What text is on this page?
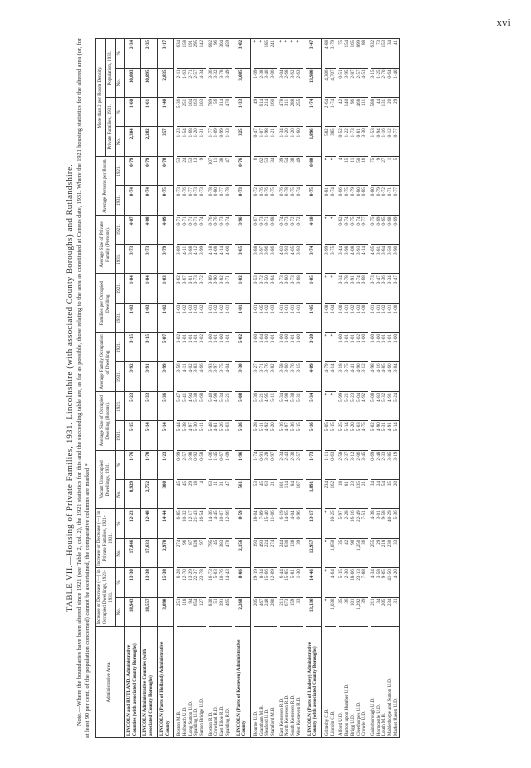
xvi
TABLE VII.—Housing of Private Families, 1931. Lincolnshire (with associated County Boroughs) and Rutlandshire. Note.—Where the boundaries have been altered since 1921 (see Table 2, col. 2), the 1921 statistics for this and the succeeding table are, as far as possible, those relating to the area as constituted at Census date, 1931. Where the 1921 housing statistics for the altered area (or, for at least 90 per cent. of the population concerned) cannot be ascertained, the comparative columns are marked *	Administrative Area.	Increase or Decrease (—) in Occupied Dwellings, 1921-1931.		Increase or Decrease (—) in Private Families, 1921-1931.		Vacant Unoccupied Dwellings, 1931.		Average Size of Occupied Dwelling (Rooms).		Average Family Occupation of Dwelling.		Families per Occupied Dwelling.		Average Size of Private Family (Persons).		Average Persons per Room.		More than 2 per Room Density.			
																	Private Families, 1931.		Population, 1931.	
	No.	%	No.	%	No.	%	1931.	1921.	1931.	1921.	1931.	1921.	1931.	1921.	1931.	1921.	No.	%	No.	%
LINCOLN and RUTLAND. Administrative Counties (with associated County Boroughs)	18,943	13·30	17,846	12·23	8,929	1·76	5·15	5·23	3·92	3·15	1·03	1·04	3·73	4·07	0·74	0·79	2,304	1·60	10,803	2·34
LINCOLN Administrative Counties (with associated County Boroughs)	18,557	13·38	17,633	12·48	2,752	1·70	5·14	5·33	3·91	3·15	1·03	1·04	3·73	4·08	0·74	0·79	2,282	1·61	10,895	2·35
LINCOLN (Parts of Holland) Administrative County	3,090	15·38	2,970	14·44	300	1·23	5·14	5·36	3·99	5·07	1·02	1·03	3·79	4·09	0·75	0·78	357	1·40	2,835	3·17

Boston M.B.	251	6·28	274	6·85	45	0·99	5·44	5·47	3·56	1·02	1·03	3·62	3·89	0·71	0·73	53	1·23	5·36	2·11	634
Holbeach U.D.	118	12·70	96	10·32	45	2·57	5·38	5·41	4·11	1·01	1·02	3·67	4·11	0·71	0·76	24	1·54	251	1·63	158
Long Sutton U.D.	94	13·29	87	12·17	29	3·98	4·97	4·94	4·02	1·01	1·03	3·61	3·88	0·71	0·77	53	1·68	104	2·71	191
Spalding U.D.	654	22·37	628	21·43	18	0·92	5·30	5·38	3·83	1·01	1·03	3·73	4·12	0·71	0·73	13	1·20	163	2·57	295
Sutton Bridge U.D.	127	23·78	97	16·54	4	0·58	5·11	5·68	4·66	1·02	1·02	3·72	3·99	0·74	0·73	9	1·31	103	4·34	142

Boston R.D.	830	16·73	795	14·36	63	1·06	5·48	5·40	3·93	1·00	1·01	3·89	4·18	0·76	0·78	107	1·77	789	3·36	682
Crowland R.D.	51	5·03	45	4·45	11	1·45	4·81	4·98	3·97	1·01	1·02	3·90	4·08	0·76	0·80	11	1·09	56	3·32	96
East Elloe R.D.	391	10·76	383	10·07	31	0·67	5·26	5·34	3·75	1·00	1·02	3·82	4·14	0·73	0·77	38	0·99	314	3·78	304
Spalding R.D.	465	14·43	470	12·66	47	1·09	5·03	5·21	4·04	1·01	1·01	3·71	4·00	0·74	0·78	47	1·33	470	3·49	459

LINCOLN (Parts of Kesteven) Administrative County	2,268	8·06	2,156	8·59	561	1·96	5·26	5·08	3·30	5·02	1·01	1·02	3·65	3·96	0·73	0·76	325	1·33	3,085	3·02

Bourne U.D.	205	19·19	193	18·04	53	1·74	5·28	5·36	3·27	1·00	1·01	3·53	3·88	0·67	0·72	6	0·47	49	1·09	*
Grantham M.B.	467	8·34	493	7·89	45	0·91	5·11	5·21	3·71	1·04	1·05	3·72	3·97	0·73	0·76	62	1·07	614	2·38	*
Sleaford U.D.	240	15·66	224	15·40	63	3·28	4·92	4·95	3·76	1·00	1·02	3·50	3·96	0·71	0·76	53	1·98	214	3·40	185
Stamford M.B.	280	12·09	274	11·06	21	0·97	5·20	5·11	3·82	1·01	1·03	3·64	3·86	0·68	0·75	34	1·21	160	3·06	241

East Kesteven R.D.	211	6·44	244	6·19	101	2·34	5·16	5·34	3·58	1·00	1·01	3·73	4·03	0·74	0·76	39	1·34	478	3·04	*
North Kesteven R.D.	673	15·85	630	14·65	114	2·43	4·97	4·98	3·60	1·00	1·01	3·60	3·93	0·73	0·78	54	1·20	311	2·68	*
South Kesteven R.D.	159	5·81	138	4·04	84	2·30	5·36	5·38	3·76	1·01	1·01	3·73	4·05	0·72	0·75	38	1·20	288	3·62	*
West Kesteven R.D.	33	1·30	39	0·96	107	2·57	5·15	5·31	3·15	1·00	1·01	3·68	3·93	0·72	0·74	49	1·60	255	2·63	*

LINCOLN (Parts of Lindsey) Administrative County (with associated County Boroughs)	13,130	14·46	12,957	13·17	1,891	1·73	5·16	5·34	4·09	3·20	1·05	1·05	3·74	4·10	0·75	0·80	1,896	1·74	13,980	3·47

Grimsby C.B.	*	*	*	*	234	1·11	5·05	*	4·79	*	1·08	*	3·99	*	0·81	*	582	2·64	4,306	4·88
Lincoln C.B.	1,030	4·64	1,050	10·25	162	0·63	5·15	*	4·14	*	1·04	*	3·75	*	0·74	*	385	1·74	4,707	3·79

Alford U.D.	35	5·15	35	5·97	18	2·58	5·25	5·99	3·18	1·00	1·00	3·14	3·44	0·62	0·66	4	0·52	42	0·51	75
Barton upon Humber U.D.	36	2·30	42	2·28	81	2·37	5·14	5·21	3·75	1·01	1·01	3·78	3·98	0·74	0·75	15	1·22	140	3·95	154
Brigg U.D.	101	18·66	90	16·16	23	3·12	5·20	5·23	4·41	1·01	1·02	3·91	4·08	0·75	0·79	11	1·73	96	2·87	165
Cleethorpes U.D.	1,292	23·13	1,250	22·49	135	2·06	5·03	5·04	4·90	1·02	1·03	3·74	3·93	0·74	0·80	50	0·81	468	2·57	899
Crowle U.D.	39	7·88	36	7·51	21	3·45	4·75	4·92	3·12	1·00	1·00	3·68	4·14	0·77	0·85	16	3·30	111	4·51	88

Gainsborough U.D.	211	4·34	255	4·38	34	0·69	5·02	5·08	4·98	1·00	1·01	3·73	4·05	0·75	0·80	75	1·53	588	3·15	632
Horncastle U.D.	34	3·58	29	3·01	24	2·48	4·90	4·83	4·16	1·00	1·01	3·47	3·81	0·69	0·79	9	0·94	44	1·25	73
Louth M.B.	205	9·05	218	9·58	54	2·33	5·31	5·32	4·85	1·01	1·02	3·36	3·84	0·65	0·72	27	1·16	131	2·70	153
Mablethorpe and Sutton U.D.	234	41·50	230	40·29	35	3·85	4·91	4·91	4·60	1·01	1·01	3·34	3·50	0·68	0·71	1	0·12	20	0·64	34
Market Rasen U.D.	31	4·20	33	5·36	20	3·19	5·14	5·24	3·84	1·00	1·00	3·47	3·90	0·69	0·77	5	0·77	29	1·40	41
